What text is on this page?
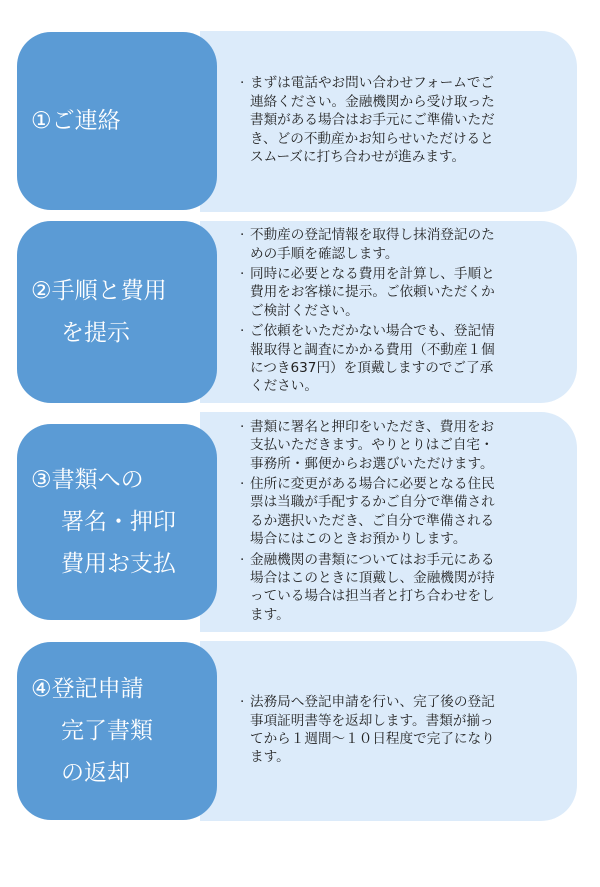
· まずは電話やお問い合わせフォームでご
連絡ください。金融機関から受け取った
書類がある場合はお手元にご準備いただ
き、どの不動産かお知らせいただけると
スムーズに打ち合わせが進みます。
①ご連絡
· 不動産の登記情報を取得し抹消登記のた
めの手順を確認します。
· 同時に必要となる費用を計算し、手順と
費用をお客様に提示。ご依頼いただくか
ご検討ください。
· ご依頼をいただかない場合でも、登記情
報取得と調査にかかる費用（不動産１個
につき637円）を頂戴しますのでご了承
ください。
②手順と費用
を提示
· 書類に署名と押印をいただき、費用をお
支払いただきます。やりとりはご自宅・
事務所・郵便からお選びいただけます。
· 住所に変更がある場合に必要となる住民
票は当職が手配するかご自分で準備され
るか選択いただき、ご自分で準備される
場合にはこのときお預かりします。
· 金融機関の書類についてはお手元にある
場合はこのときに頂戴し、金融機関が持
っている場合は担当者と打ち合わせをし
ます。
③書類への
署名・押印
費用お支払
· 法務局へ登記申請を行い、完了後の登記
事項証明書等を返却します。書類が揃っ
てから１週間〜１０日程度で完了になり
ます。
④登記申請
完了書類
の返却
